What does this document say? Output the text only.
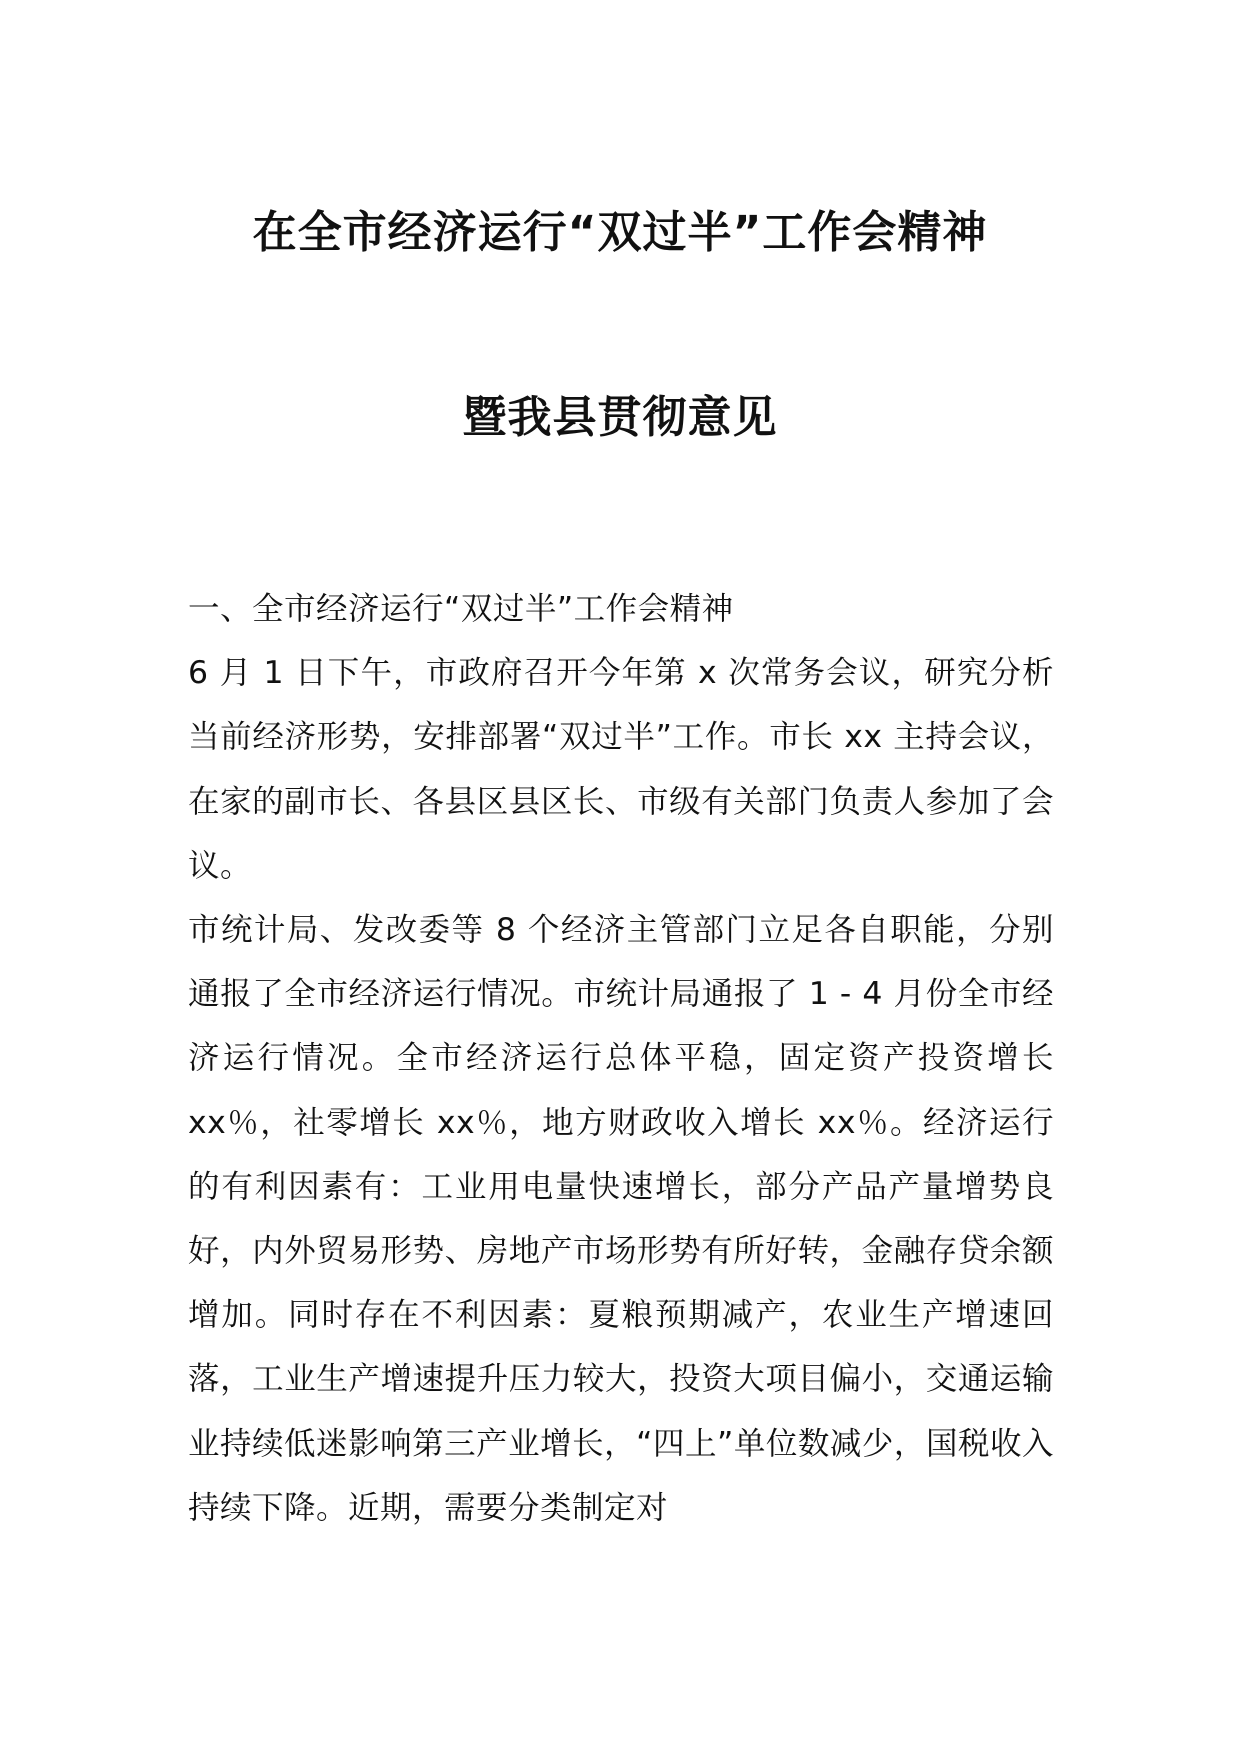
在全市经济运行“双过半”工作会精神
暨我县贯彻意见

一、全市经济运行“双过半”工作会精神

6 月 1 日下午，市政府召开今年第 x 次常务会议，研究分析当前经济形势，安排部署“双过半”工作。市长 xx 主持会议，在家的副市长、各县区县区长、市级有关部门负责人参加了会议。

市统计局、发改委等 8 个经济主管部门立足各自职能，分别通报了全市经济运行情况。市统计局通报了 1 - 4 月份全市经济运行情况。全市经济运行总体平稳，固定资产投资增长 xx％，社零增长 xx％，地方财政收入增长 xx％。经济运行的有利因素有：工业用电量快速增长，部分产品产量增势良好，内外贸易形势、房地产市场形势有所好转，金融存贷余额增加。同时存在不利因素：夏粮预期减产，农业生产增速回落，工业生产增速提升压力较大，投资大项目偏小，交通运输业持续低迷影响第三产业增长，“四上”单位数减少，国税收入持续下降。近期，需要分类制定对
